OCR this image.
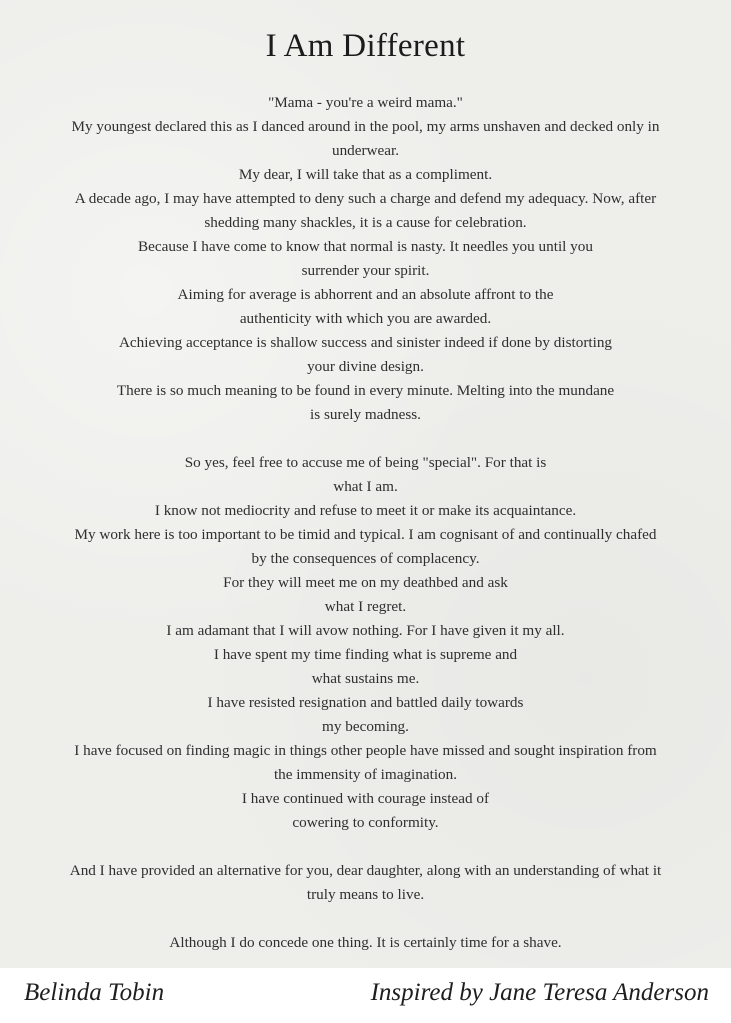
I Am Different
"Mama - you're a weird mama."
My youngest declared this as I danced around in the pool, my arms unshaven and decked only in
underwear.
My dear, I will take that as a compliment.
A decade ago, I may have attempted to deny such a charge and defend my adequacy. Now, after
shedding many shackles, it is a cause for celebration.
Because I have come to know that normal is nasty. It needles you until you
surrender your spirit.
Aiming for average is abhorrent and an absolute affront to the
authenticity with which you are awarded.
Achieving acceptance is shallow success and sinister indeed if done by distorting
your divine design.
There is so much meaning to be found in every minute. Melting into the mundane
is surely madness.
So yes, feel free to accuse me of being "special". For that is
what I am.
I know not mediocrity and refuse to meet it or make its acquaintance.
My work here is too important to be timid and typical. I am cognisant of and continually chafed
by the consequences of complacency.
For they will meet me on my deathbed and ask
what I regret.
I am adamant that I will avow nothing. For I have given it my all.
I have spent my time finding what is supreme and
what sustains me.
I have resisted resignation and battled daily towards
my becoming.
I have focused on finding magic in things other people have missed and sought inspiration from
the immensity of imagination.
I have continued with courage instead of
cowering to conformity.
And I have provided an alternative for you, dear daughter, along with an understanding of what it
truly means to live.
Although I do concede one thing. It is certainly time for a shave.
Belinda Tobin	Inspired by Jane Teresa Anderson
